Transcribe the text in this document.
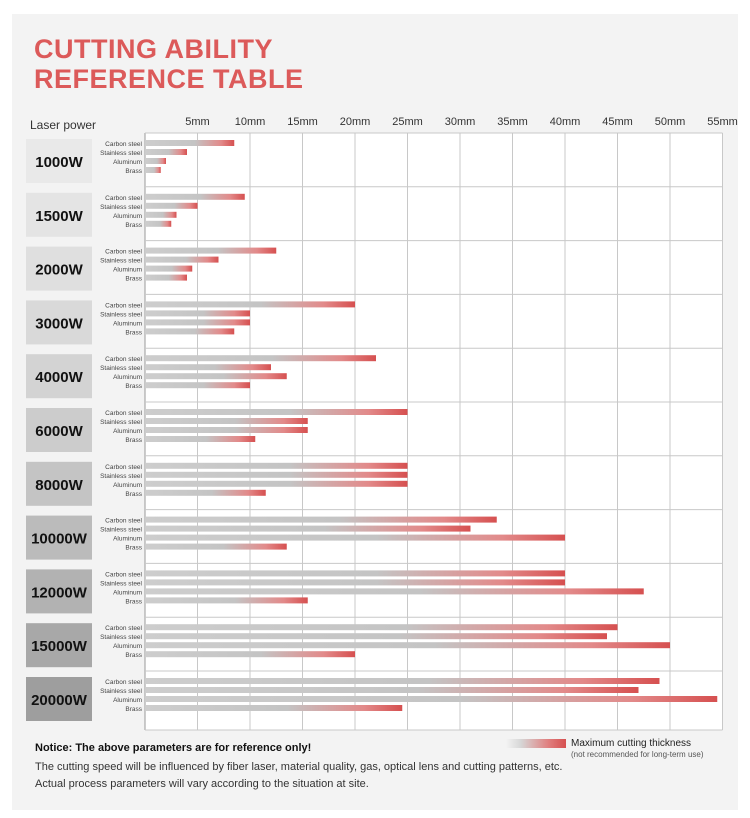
CUTTING ABILITY
REFERENCE TABLE
Laser power	5mm 10mm 15mm 20mm 25mm 30mm 35mm 40mm 45mm 50mm 55mm
1000W
Carbon steel
Stainless steel
Aluminum
Brass
1500W
Carbon steel
Stainless steel
Aluminum
Brass
2000W
Carbon steel
Stainless steel
Aluminum
Brass
3000W
Carbon steel
Stainless steel
Aluminum
Brass
4000W
Carbon steel
Stainless steel
Aluminum
Brass
6000W
Carbon steel
Stainless steel
Aluminum
Brass
8000W
Carbon steel
Stainless steel
Aluminum
Brass
10000W
Carbon steel
Stainless steel
Aluminum
Brass
12000W
Carbon steel
Stainless steel
Aluminum
Brass
15000W
Carbon steel
Stainless steel
Aluminum
Brass
20000W
Carbon steel
Stainless steel
Aluminum
Brass
Notice: The above parameters are for reference only!
The cutting speed will be influenced by fiber laser, material quality, gas, optical lens and cutting patterns, etc.
Actual process parameters will vary according to the situation at site.
Maximum cutting thickness
(not recommended for long-term use)
